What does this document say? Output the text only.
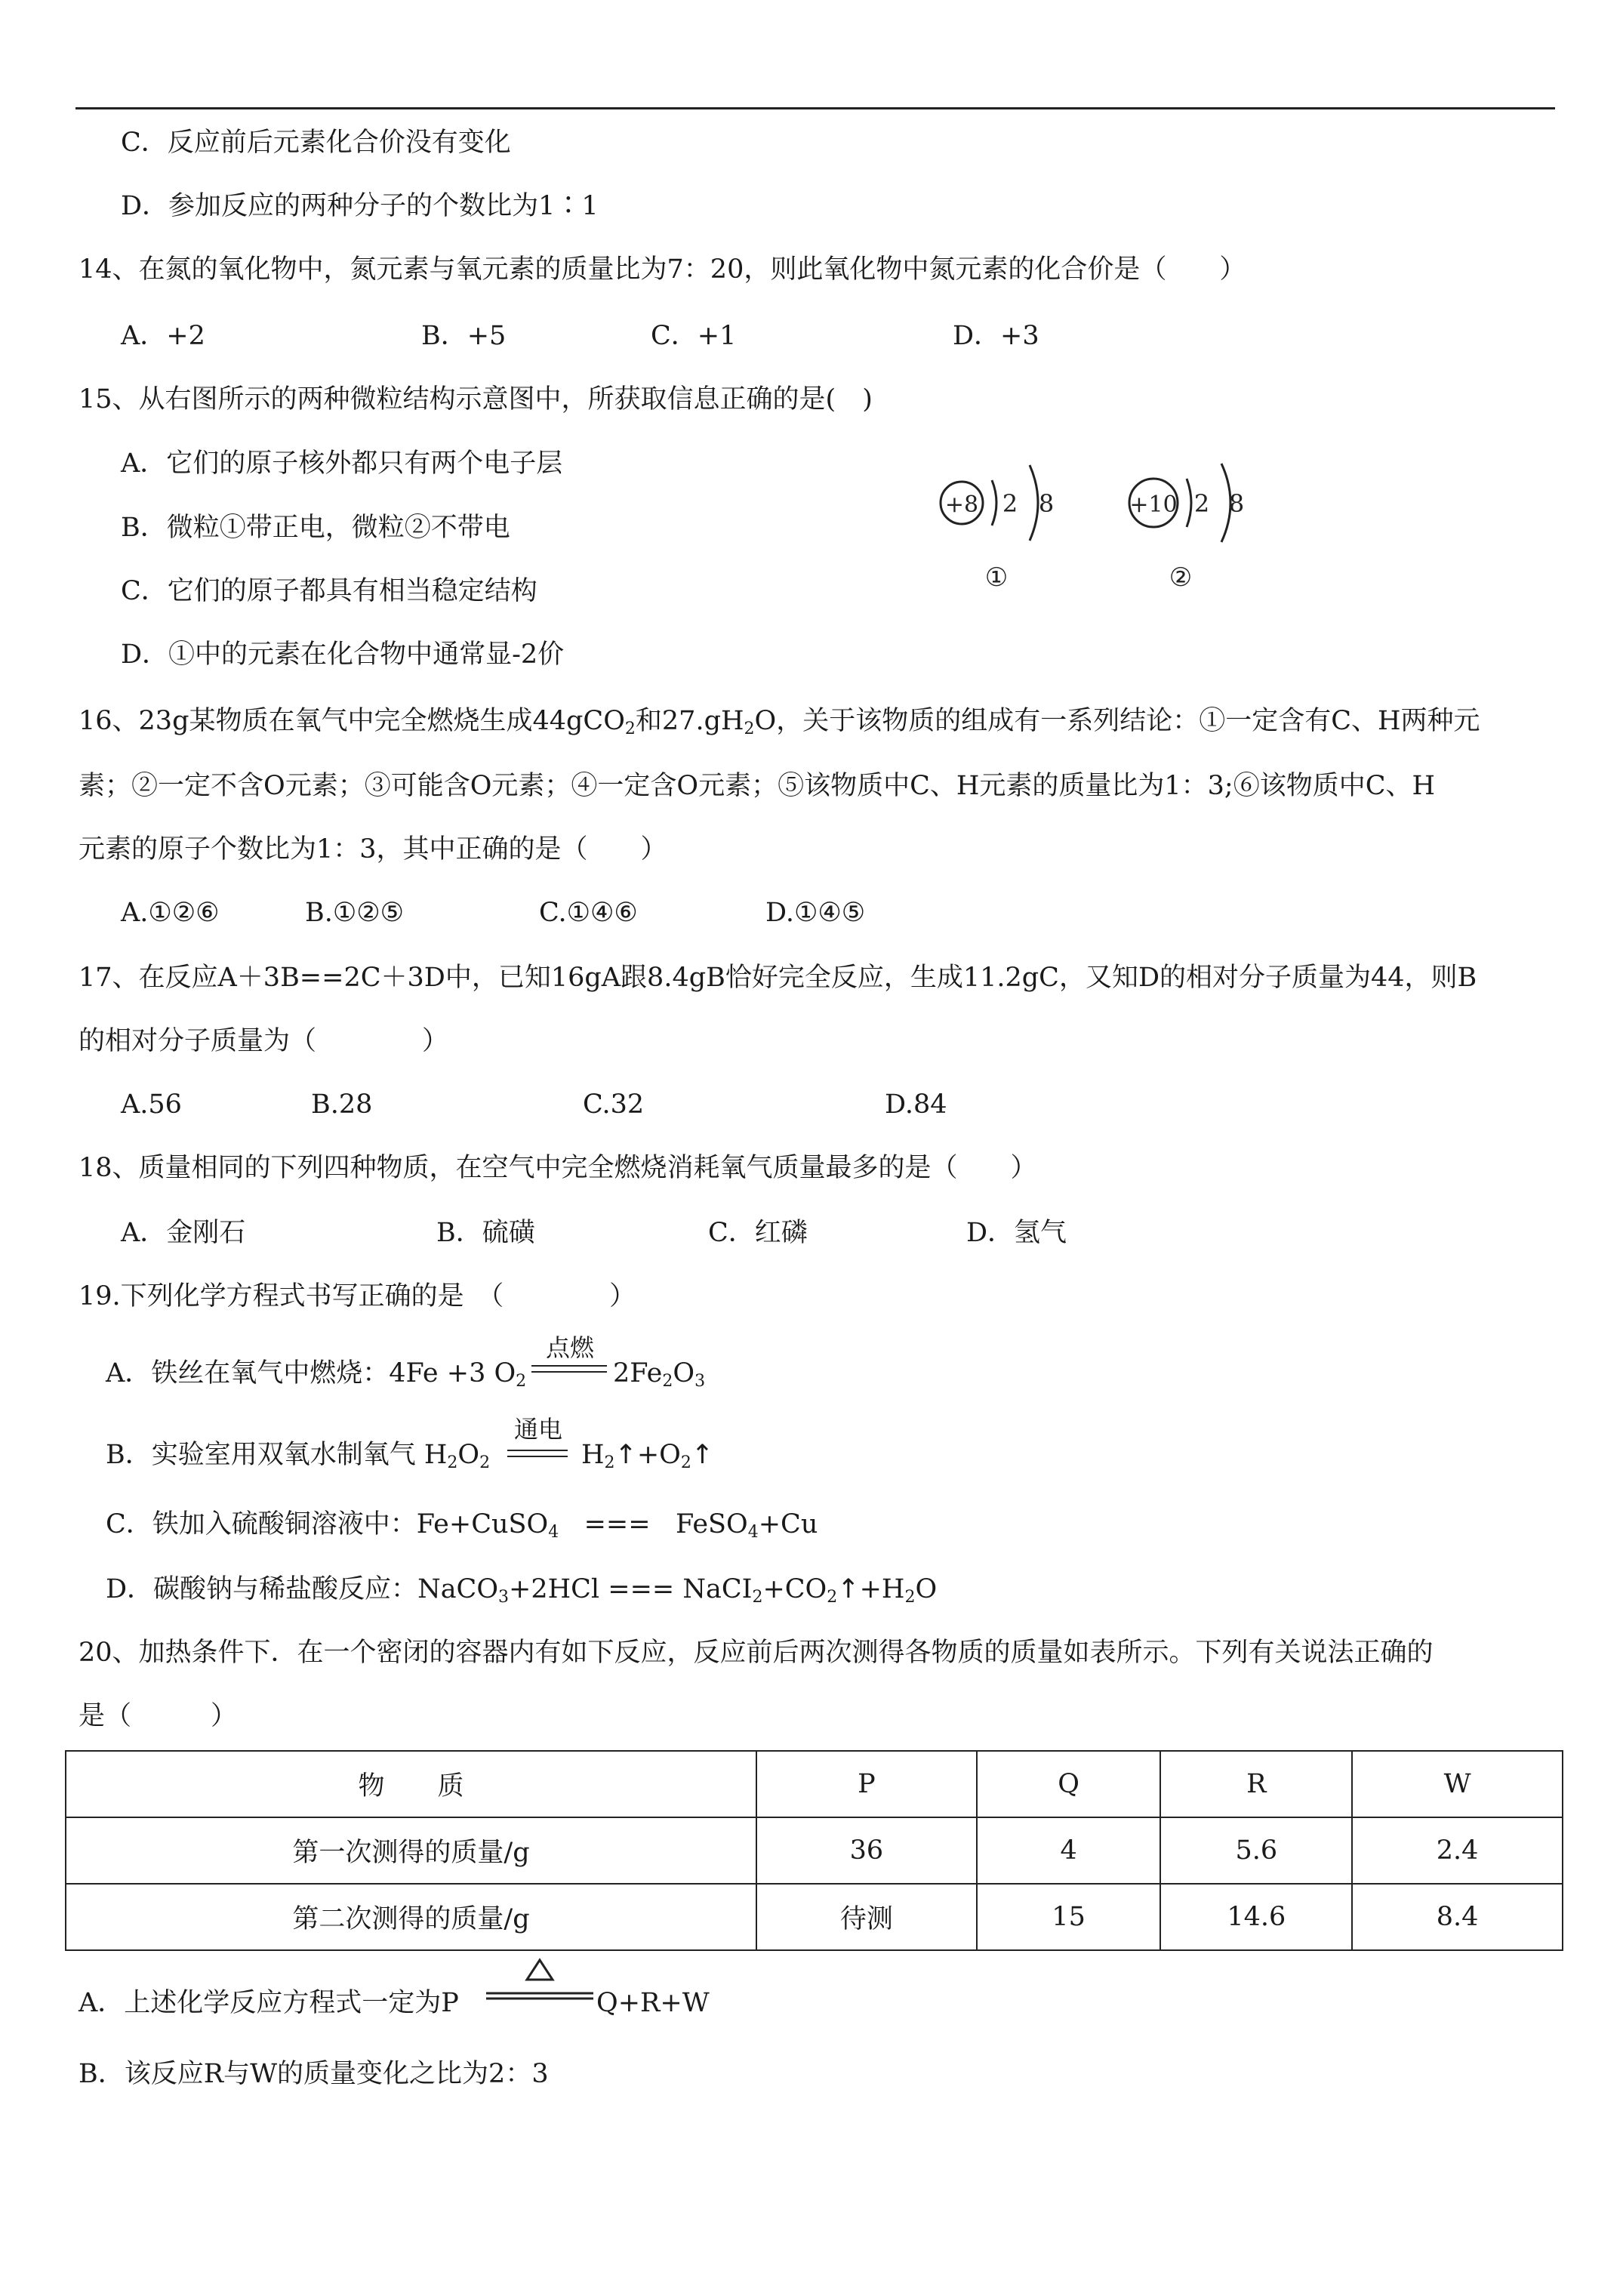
C．反应前后元素化合价没有变化
D．参加反应的两种分子的个数比为1∶1
14、在氮的氧化物中，氮元素与氧元素的质量比为7：20，则此氧化物中氮元素的化合价是（　　）
A．+2	B．+5	C．+1	D．+3
15、从右图所示的两种微粒结构示意图中，所获取信息正确的是(　)
A．它们的原子核外都只有两个电子层
B．微粒①带正电，微粒②不带电
C．它们的原子都具有相当稳定结构
D．①中的元素在化合物中通常显-2价
+8 2 8
①
+10 2 8
②
16、23g某物质在氧气中完全燃烧生成44gCO$_2$和$27.gH_2O$，关于该物质的组成有一系列结论：①一定含有C、H两种元
素；②一定不含O元素；③可能含O元素；④一定含O元素；⑤该物质中C、H元素的质量比为1：3;⑥该物质中C、H
元素的原子个数比为1：3，其中正确的是（　　）
A.①②⑥	B.①②⑤	C.①④⑥	D.①④⑤
17、在反应A＋3B==2C＋3D中，已知16gA跟8.4gB恰好完全反应，生成11.2gC，又知D的相对分子质量为44，则B
的相对分子质量为（　　　　）
A.56	B.28	C.32	D.84
18、质量相同的下列四种物质，在空气中完全燃烧消耗氧气质量最多的是（　　）
A．金刚石	B．硫磺	C．红磷	D．氢气
19.下列化学方程式书写正确的是　（　　　　）
A．铁丝在氧气中燃烧：4Fe +3 $O_2$
点燃
$2Fe_2O_3$
B．实验室用双氧水制氧气 $H_2O_2$
通电
$H_2↑+O_2↑$
C．铁加入硫酸铜溶液中：Fe+CuSO$_4$ === FeSO$_4$+Cu
D．碳酸钠与稀盐酸反应：NaCO$_3$+2HCl === $NaCI_2+CO_2↑+H_2O$
20、加热条件下．在一个密闭的容器内有如下反应，反应前后两次测得各物质的质量如表所示。下列有关说法正确的
是（　　　）
物　　质	P	Q	R	W
第一次测得的质量/g	36	4	5.6	2.4
第二次测得的质量/g	待测	15	14.6	8.4
A．上述化学反应方程式一定为P	Q+R+W
B．该反应R与W的质量变化之比为2：3
